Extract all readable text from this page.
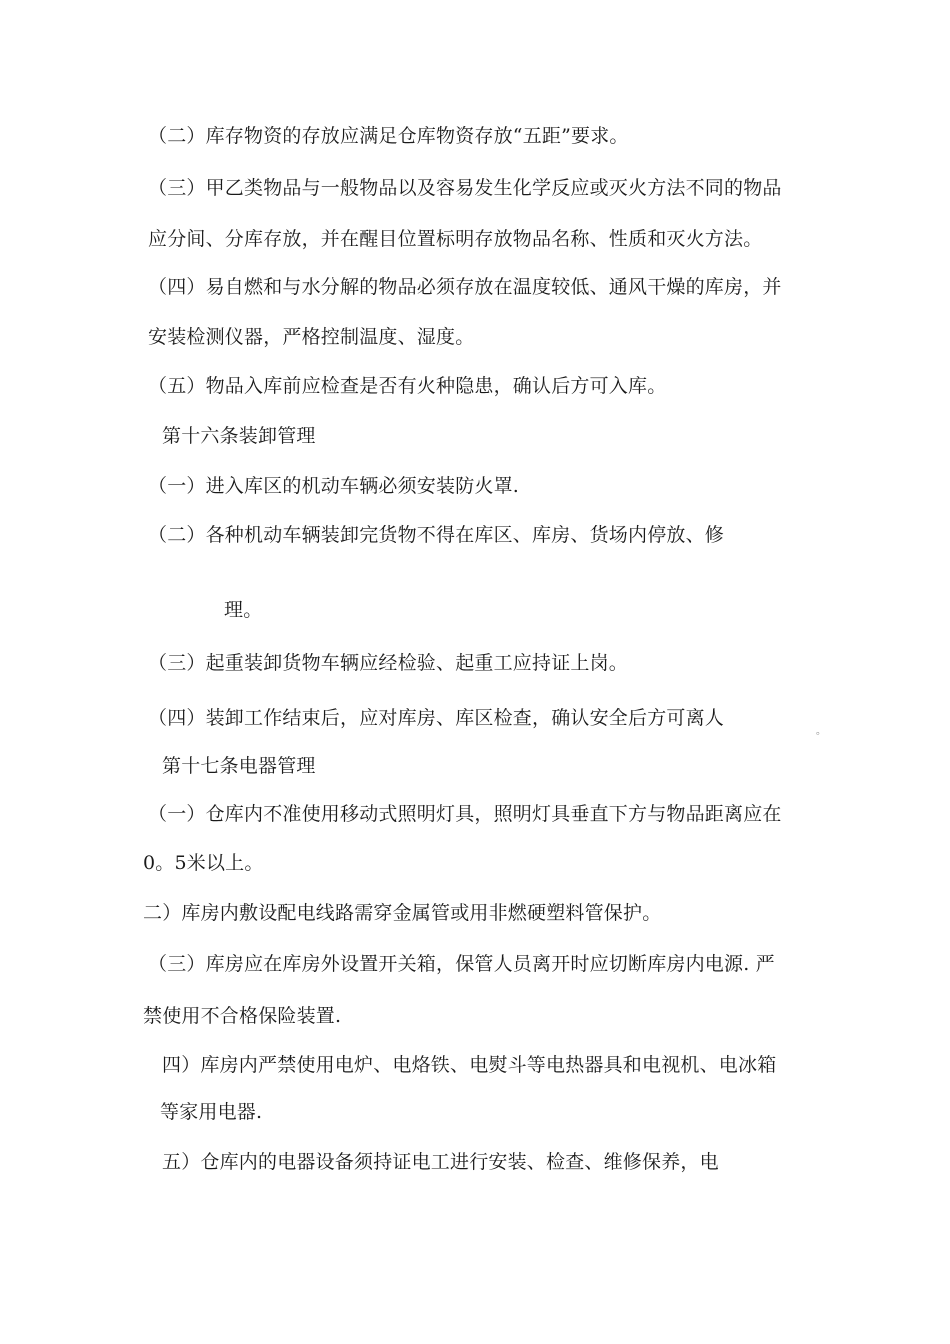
（二）库存物资的存放应满足仓库物资存放“五距”要求。
（三）甲乙类物品与一般物品以及容易发生化学反应或灭火方法不同的物品
应分间、分库存放，并在醒目位置标明存放物品名称、性质和灭火方法。
（四）易自燃和与水分解的物品必须存放在温度较低、通风干燥的库房，并
安装检测仪器，严格控制温度、湿度。
（五）物品入库前应检查是否有火种隐患，确认后方可入库。
第十六条装卸管理
（一）进入库区的机动车辆必须安装防火罩.
（二）各种机动车辆装卸完货物不得在库区、库房、货场内停放、修
理。
（三）起重装卸货物车辆应经检验、起重工应持证上岗。
（四）装卸工作结束后，应对库房、库区检查，确认安全后方可离人
。
第十七条电器管理
（一）仓库内不准使用移动式照明灯具，照明灯具垂直下方与物品距离应在
0。5米以上。
二）库房内敷设配电线路需穿金属管或用非燃硬塑料管保护。
（三）库房应在库房外设置开关箱，保管人员离开时应切断库房内电源. 严
禁使用不合格保险装置.
四）库房内严禁使用电炉、电烙铁、电熨斗等电热器具和电视机、电冰箱
等家用电器.
五）仓库内的电器设备须持证电工进行安装、检查、维修保养，电
